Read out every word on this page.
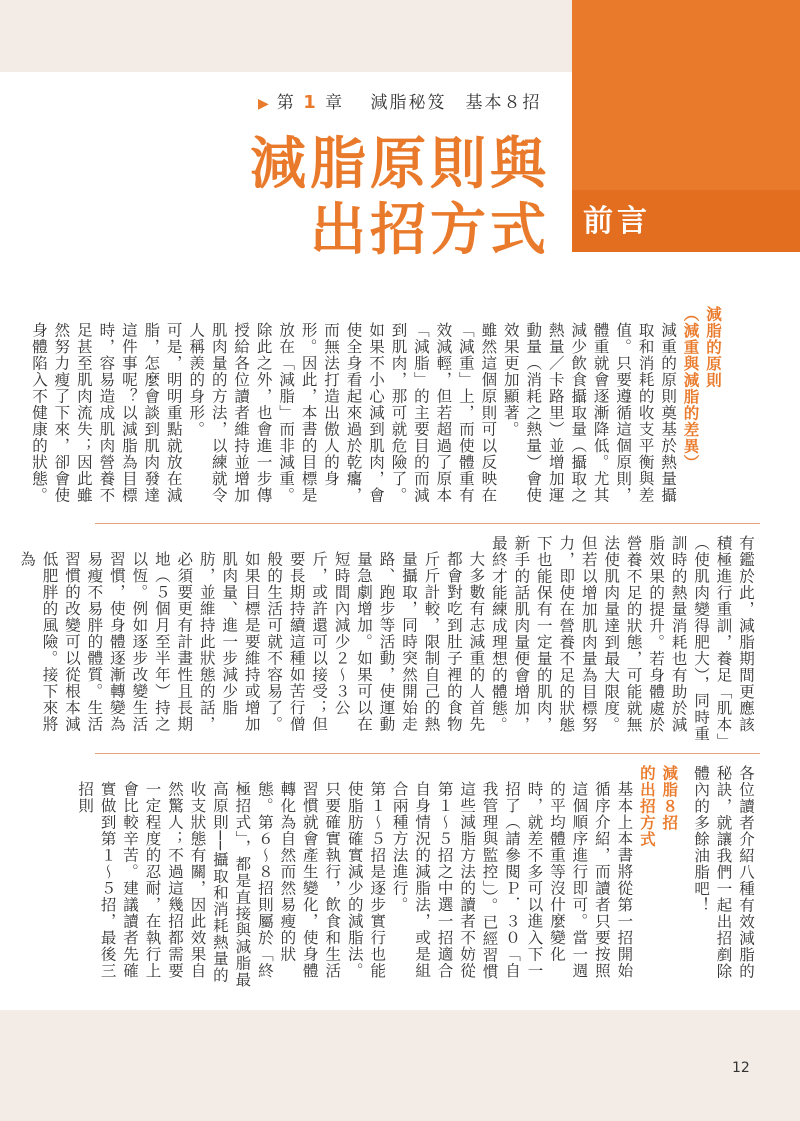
前言
▶ 第 1 章　 減脂秘笈　基本８招
減脂原則與
出招方式

減脂的原則

（減重與減脂的差異）

減重的原則奠基於熱量攝取和消耗的收支平衡與差值。只要遵循這個原則，體重就會逐漸降低。尤其減少飲食攝取量（攝取之熱量／卡路里）並增加運動量（消耗之熱量）會使效果更加顯著。

雖然這個原則可以反映在「減重」上，而使體重有效減輕，但若超過了原本「減脂」的主要目的而減到肌肉，那可就危險了。如果不小心減到肌肉，會使全身看起來過於乾癟，而無法打造出傲人的身形。因此，本書的目標是放在「減脂」而非減重。除此之外，也會進一步傳授給各位讀者維持並增加肌肉量的方法，以練就令人稱羨的身形。

可是，明明重點就放在減脂，怎麼會談到肌肉發達這件事呢？以減脂為目標時，容易造成肌肉營養不足甚至肌肉流失；因此雖然努力瘦了下來，卻會使身體陷入不健康的狀態。

有鑑於此，減脂期間更應該積極進行重訓，養足「肌本」（使肌肉變得肥大），同時重訓時的熱量消耗也有助於減脂效果的提升。若身體處於營養不足的狀態，可能就無法使肌肉量達到最大限度。但若以增加肌肉量為目標努力，即使在營養不足的狀態下也能保有一定量的肌肉，新手的話肌肉量便會增加，最終才能練成理想的體態。

大多數有志減重的人首先都會對吃到肚子裡的食物斤斤計較，限制自己的熱量攝取，同時突然開始走路、跑步等活動，使運動量急劇增加。如果可以在短時間內減少２～３公斤，或許還可以接受；但要長期持續這種如苦行僧般的生活可就不容易了。

如果目標是要維持或增加肌肉量、進一步減少脂肪，並維持此狀態的話，必須要更有計畫性且長期地（５個月至半年）持之以恆。例如逐步改變生活習慣，使身體逐漸轉變為易瘦不易胖的體質。生活習慣的改變可以從根本減低肥胖的風險。接下來將為

各位讀者介紹八種有效減脂的秘訣，就讓我們一起出招剷除體內的多餘油脂吧！

減脂８招

的出招方式

基本上本書將從第一招開始循序介紹，而讀者只要按照這個順序進行即可。當一週的平均體重等沒什麼變化時，就差不多可以進入下一招了（請參閱Ｐ．３０「自我管理與監控」）。已經習慣這些減脂方法的讀者不妨從第１～５招之中選一招適合自身情況的減脂法，或是組合兩種方法進行。

第１～５招是逐步實行也能使脂肪確實減少的減脂法。只要確實執行，飲食和生活習慣就會產生變化，使身體轉化為自然而然易瘦的狀態。第６～８招則屬於「終極招式」，都是直接與減脂最高原則──攝取和消耗熱量的收支狀態有關，因此效果自然驚人；不過這幾招都需要一定程度的忍耐，在執行上會比較辛苦。建議讀者先確實做到第１～５招，最後三招則

12
